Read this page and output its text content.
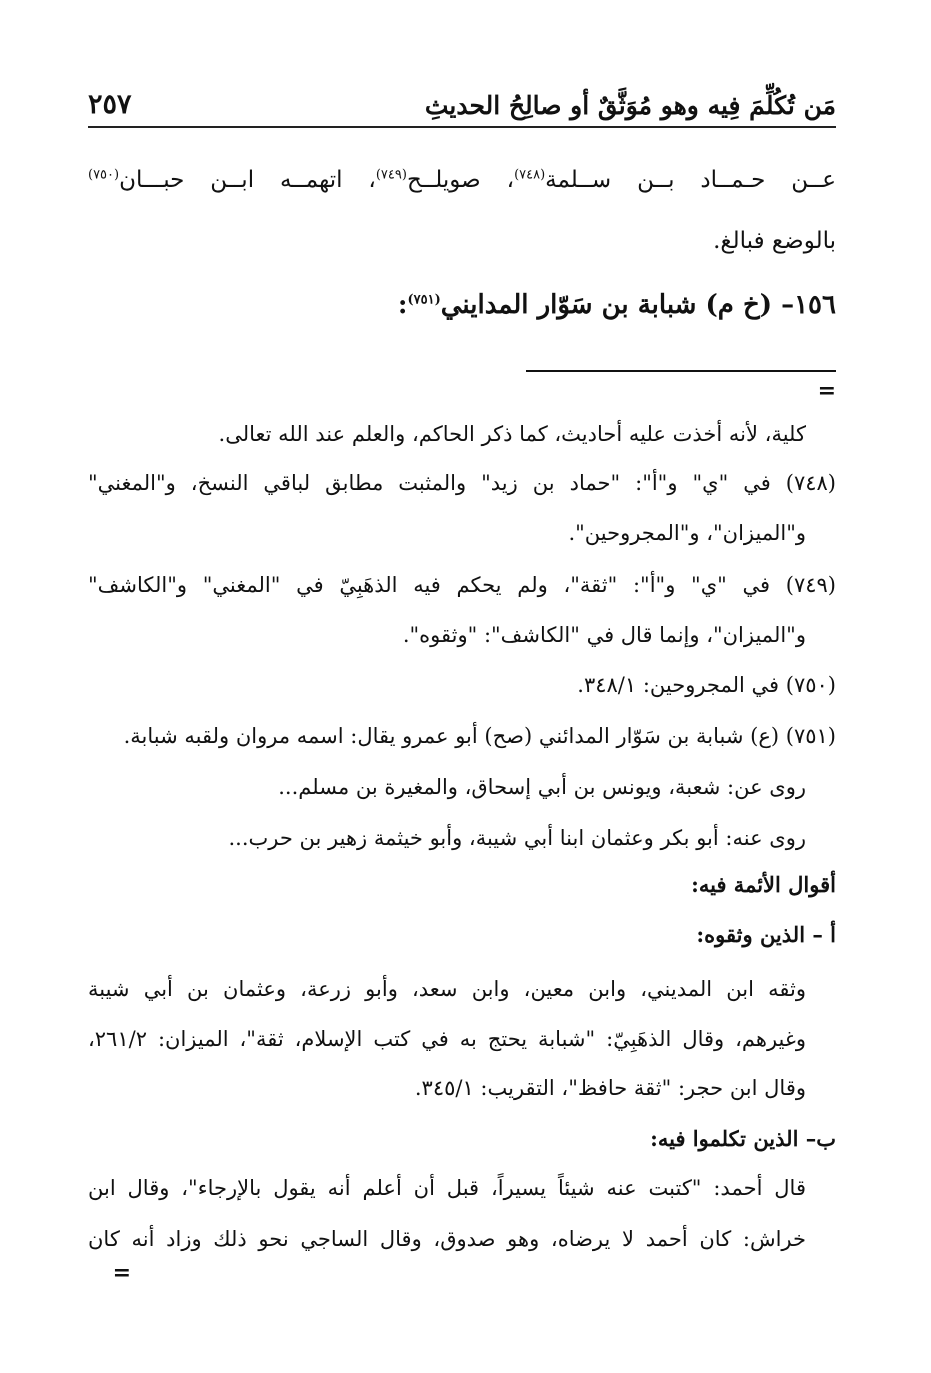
مَن تُكُلِّمَ فِيه وهو مُوَثَّقٌ أو صالِحُ الحديثِ
٢٥٧
عــن حـمــاد بــن ســلمة$^{(٧٤٨)}$، صويلــح$^{(٧٤٩)}$، اتهمــه ابــن حبـــان$^{(٧٥٠)}$
بالوضع فبالغ.
١٥٦– (خ م) شبابة بن سَوّار المدايني$^{(٧٥١)}$:
=
كلية، لأنه أخذت عليه أحاديث، كما ذكر الحاكم، والعلم عند الله تعالى.
(٧٤٨) في "ي" و"أ": "حماد بن زيد" والمثبت مطابق لباقي النسخ، و"المغني"
و"الميزان"، و"المجروحين".
(٧٤٩) في "ي" و"أ": "ثقة"، ولم يحكم فيه الذهَبِيّ في "المغني" و"الكاشف"
و"الميزان"، وإنما قال في "الكاشف": "وثقوه".
(٧٥٠) في المجروحين: ٣٤٨/١.
(٧٥١) (ع) شبابة بن سَوّار المدائني (صح) أبو عمرو يقال: اسمه مروان ولقبه شبابة.
روى عن: شعبة، ويونس بن أبي إسحاق، والمغيرة بن مسلم...
روى عنه: أبو بكر وعثمان ابنا أبي شيبة، وأبو خيثمة زهير بن حرب...
أقوال الأئمة فيه:
أ – الذين وثقوه:
وثقه ابن المديني، وابن معين، وابن سعد، وأبو زرعة، وعثمان بن أبي شيبة
وغيرهم، وقال الذهَبِيّ: "شبابة يحتج به في كتب الإسلام، ثقة"، الميزان: ٢٦١/٢،
وقال ابن حجر: "ثقة حافظ"، التقريب: ٣٤٥/١.
ب– الذين تكلموا فيه:
قال أحمد: "كتبت عنه شيئاً يسيراً، قبل أن أعلم أنه يقول بالإرجاء"، وقال ابن
خراش: كان أحمد لا يرضاه، وهو صدوق، وقال الساجي نحو ذلك وزاد أنه كان
=
